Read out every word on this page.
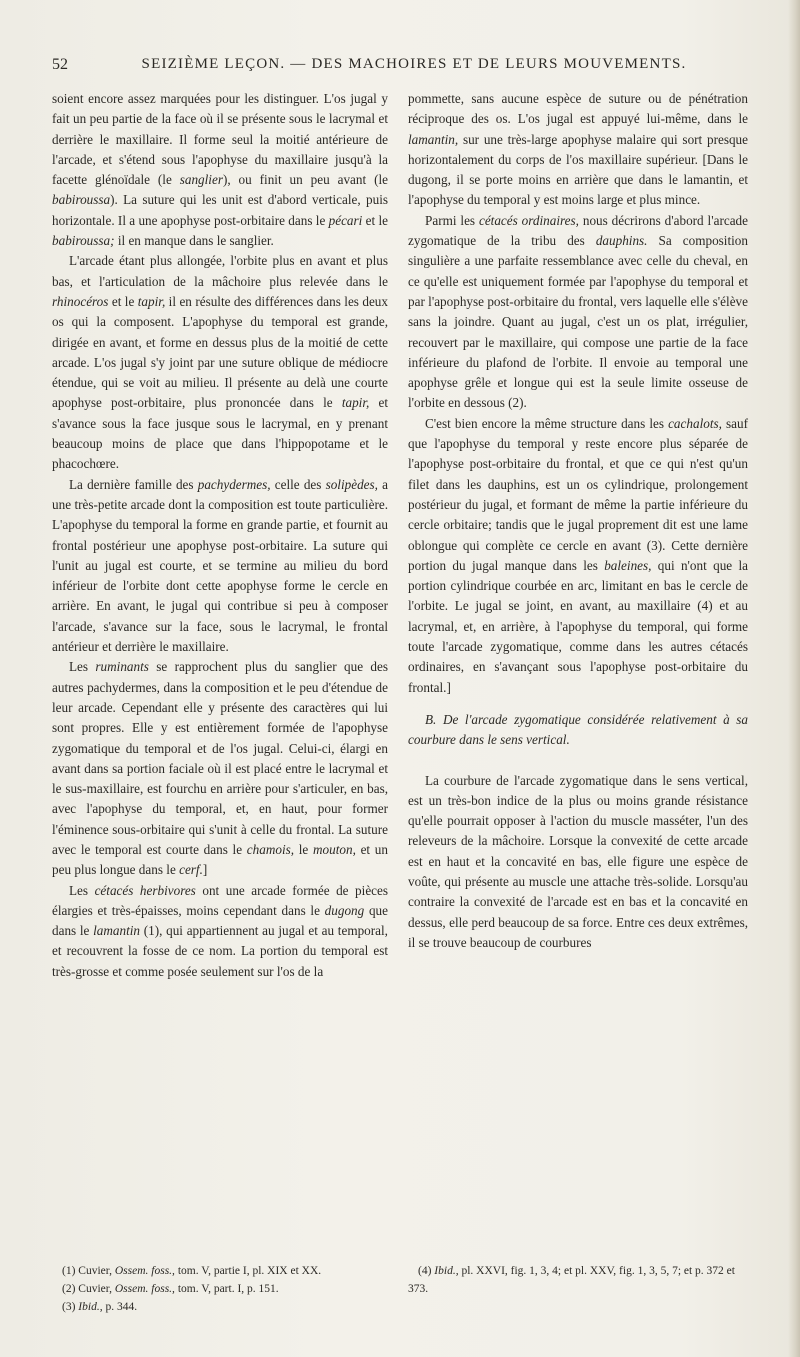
52	SEIZIÈME LEÇON. — DES MACHOIRES ET DE LEURS MOUVEMENTS.

soient encore assez marquées pour les distinguer. L'os jugal y fait un peu partie de la face où il se présente sous le lacrymal et derrière le maxillaire. Il forme seul la moitié antérieure de l'arcade, et s'étend sous l'apophyse du maxillaire jusqu'à la facette glénoïdale (le sanglier), ou finit un peu avant (le babiroussa). La suture qui les unit est d'abord verticale, puis horizontale. Il a une apophyse post-orbitaire dans le pécari et le babiroussa; il en manque dans le sanglier.

L'arcade étant plus allongée, l'orbite plus en avant et plus bas, et l'articulation de la mâchoire plus relevée dans le rhinocéros et le tapir, il en résulte des différences dans les deux os qui la composent. L'apophyse du temporal est grande, dirigée en avant, et forme en dessus plus de la moitié de cette arcade. L'os jugal s'y joint par une suture oblique de médiocre étendue, qui se voit au milieu. Il présente au delà une courte apophyse post-orbitaire, plus prononcée dans le tapir, et s'avance sous la face jusque sous le lacrymal, en y prenant beaucoup moins de place que dans l'hippopotame et le phacochœre.

La dernière famille des pachydermes, celle des solipèdes, a une très-petite arcade dont la composition est toute particulière. L'apophyse du temporal la forme en grande partie, et fournit au frontal postérieur une apophyse post-orbitaire. La suture qui l'unit au jugal est courte, et se termine au milieu du bord inférieur de l'orbite dont cette apophyse forme le cercle en arrière. En avant, le jugal qui contribue si peu à composer l'arcade, s'avance sur la face, sous le lacrymal, le frontal antérieur et derrière le maxillaire.

Les ruminants se rapprochent plus du sanglier que des autres pachydermes, dans la composition et le peu d'étendue de leur arcade. Cependant elle y présente des caractères qui lui sont propres. Elle y est entièrement formée de l'apophyse zygomatique du temporal et de l'os jugal. Celui-ci, élargi en avant dans sa portion faciale où il est placé entre le lacrymal et le sus-maxillaire, est fourchu en arrière pour s'articuler, en bas, avec l'apophyse du temporal, et, en haut, pour former l'éminence sous-orbitaire qui s'unit à celle du frontal. La suture avec le temporal est courte dans le chamois, le mouton, et un peu plus longue dans le cerf.]

Les cétacés herbivores ont une arcade formée de pièces élargies et très-épaisses, moins cependant dans le dugong que dans le lamantin (1), qui appartiennent au jugal et au temporal, et recouvrent la fosse de ce nom. La portion du temporal est très-grosse et comme posée seulement sur l'os de la

pommette, sans aucune espèce de suture ou de pénétration réciproque des os. L'os jugal est appuyé lui-même, dans le lamantin, sur une très-large apophyse malaire qui sort presque horizontalement du corps de l'os maxillaire supérieur. [Dans le dugong, il se porte moins en arrière que dans le lamantin, et l'apophyse du temporal y est moins large et plus mince.

Parmi les cétacés ordinaires, nous décrirons d'abord l'arcade zygomatique de la tribu des dauphins. Sa composition singulière a une parfaite ressemblance avec celle du cheval, en ce qu'elle est uniquement formée par l'apophyse du temporal et par l'apophyse post-orbitaire du frontal, vers laquelle elle s'élève sans la joindre. Quant au jugal, c'est un os plat, irrégulier, recouvert par le maxillaire, qui compose une partie de la face inférieure du plafond de l'orbite. Il envoie au temporal une apophyse grêle et longue qui est la seule limite osseuse de l'orbite en dessous (2).

C'est bien encore la même structure dans les cachalots, sauf que l'apophyse du temporal y reste encore plus séparée de l'apophyse post-orbitaire du frontal, et que ce qui n'est qu'un filet dans les dauphins, est un os cylindrique, prolongement postérieur du jugal, et formant de même la partie inférieure du cercle orbitaire; tandis que le jugal proprement dit est une lame oblongue qui complète ce cercle en avant (3). Cette dernière portion du jugal manque dans les baleines, qui n'ont que la portion cylindrique courbée en arc, limitant en bas le cercle de l'orbite. Le jugal se joint, en avant, au maxillaire (4) et au lacrymal, et, en arrière, à l'apophyse du temporal, qui forme toute l'arcade zygomatique, comme dans les autres cétacés ordinaires, en s'avançant sous l'apophyse post-orbitaire du frontal.]

B. De l'arcade zygomatique considérée relativement à sa courbure dans le sens vertical.

La courbure de l'arcade zygomatique dans le sens vertical, est un très-bon indice de la plus ou moins grande résistance qu'elle pourrait opposer à l'action du muscle masséter, l'un des releveurs de la mâchoire. Lorsque la convexité de cette arcade est en haut et la concavité en bas, elle figure une espèce de voûte, qui présente au muscle une attache très-solide. Lorsqu'au contraire la convexité de l'arcade est en bas et la concavité en dessus, elle perd beaucoup de sa force. Entre ces deux extrêmes, il se trouve beaucoup de courbures

(1) Cuvier, Ossem. foss., tom. V, partie I, pl. XIX et XX.

(2) Cuvier, Ossem. foss., tom. V, part. I, p. 151.

(3) Ibid., p. 344.

(4) Ibid., pl. XXVI, fig. 1, 3, 4; et pl. XXV, fig. 1, 3, 5, 7; et p. 372 et 373.
